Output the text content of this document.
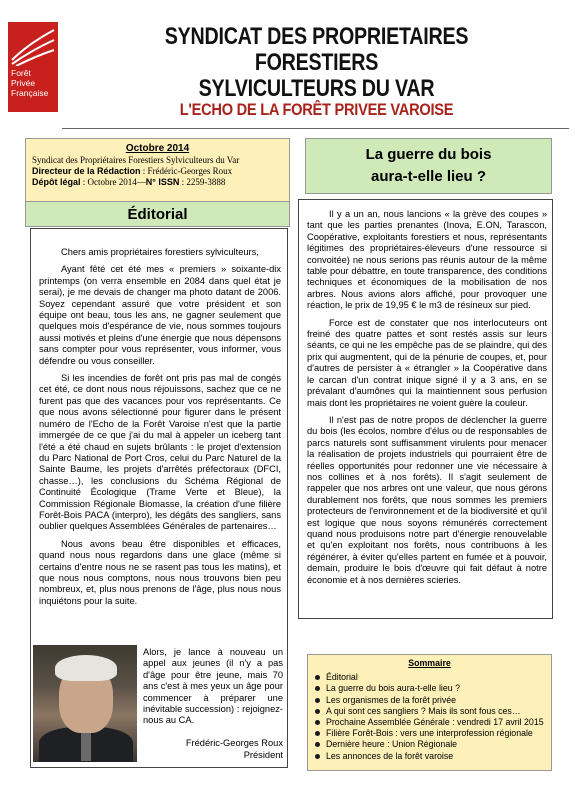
Forêt
Privée
Française
SYNDICAT DES PROPRIETAIRES FORESTIERS
SYLVICULTEURS DU VAR
L'ECHO DE LA FORÊT PRIVEE VAROISE
Octobre 2014
Syndicat des Propriétaires Forestiers Sylviculteurs du Var
Directeur de la Rédaction : Frédéric-Georges Roux
Dépôt légal : Octobre 2014—N° ISSN : 2259-3888
La guerre du bois
aura-t-elle lieu ?
Éditorial

Chers amis propriétaires forestiers sylviculteurs,

Ayant fêté cet été mes « premiers » soixante-dix printemps (on verra ensemble en 2084 dans quel état je serai), je me devais de changer ma photo datant de 2006. Soyez cependant assuré que votre président et son équipe ont beau, tous les ans, ne gagner seulement que quelques mois d'espérance de vie, nous sommes toujours aussi motivés et pleins d'une énergie que nous dépensons sans compter pour vous représenter, vous informer, vous défendre ou vous conseiller.

Si les incendies de forêt ont pris pas mal de congés cet été, ce dont nous nous réjouissons, sachez que ce ne furent pas que des vacances pour vos représentants. Ce que nous avons sélectionné pour figurer dans le présent numéro de l'Echo de la Forêt Varoise n'est que la partie immergée de ce que j'ai du mal à appeler un iceberg tant l'été a été chaud en sujets brûlants : le projet d'extension du Parc National de Port Cros, celui du Parc Naturel de la Sainte Baume, les projets d'arrêtés préfectoraux (DFCI, chasse…), les conclusions du Schéma Régional de Continuité Écologique (Trame Verte et Bleue), la Commission Régionale Biomasse, la création d'une filière Forêt-Bois PACA (interpro), les dégâts des sangliers, sans oublier quelques Assemblées Générales de partenaires…

Nous avons beau être disponibles et efficaces, quand nous nous regardons dans une glace (même si certains d'entre nous ne se rasent pas tous les matins), et que nous nous comptons, nous nous trouvons bien peu nombreux, et, plus nous prenons de l'âge, plus nous nous inquiétons pour la suite.

Alors, je lance à nouveau un appel aux jeunes (il n'y a pas d'âge pour être jeune, mais 70 ans c'est à mes yeux un âge pour commencer à préparer une inévitable succession) : rejoignez-nous au CA.
Frédéric-Georges Roux
Président

Il y a un an, nous lancions « la grève des coupes » tant que les parties prenantes (Inova, E.ON, Tarascon, Coopérative, exploitants forestiers et nous, représentants légitimes des propriétaires-éleveurs d'une ressource si convoitée) ne nous serions pas réunis autour de la même table pour débattre, en toute transparence, des conditions techniques et économiques de la mobilisation de nos arbres. Nous avions alors affiché, pour provoquer une réaction, le prix de 19,95 € le m3 de résineux sur pied.

Force est de constater que nos interlocuteurs ont freiné des quatre pattes et sont restés assis sur leurs séants, ce qui ne les empêche pas de se plaindre, qui des prix qui augmentent, qui de la pénurie de coupes, et, pour d'autres de persister à « étrangler » la Coopérative dans le carcan d'un contrat inique signé il y a 3 ans, en se prévalant d'aumônes qui la maintiennent sous perfusion mais dont les propriétaires ne voient guère la couleur.

Il n'est pas de notre propos de déclencher la guerre du bois (les écolos, nombre d'élus ou de responsables de parcs naturels sont suffisamment virulents pour menacer la réalisation de projets industriels qui pourraient être de réelles opportunités pour redonner une vie nécessaire à nos collines et à nos forêts). Il s'agit seulement de rappeler que nos arbres ont une valeur, que nous gérons durablement nos forêts, que nous sommes les premiers protecteurs de l'environnement et de la biodiversité et qu'il est logique que nous soyons rémunérés correctement quand nous produisons notre part d'énergie renouvelable et qu'en exploitant nos forêts, nous contribuons à les régénérer, à éviter qu'elles partent en fumée et à pouvoir, demain, produire le bois d'œuvre qui fait défaut à notre économie et à nos dernières scieries.

Sommaire
Éditorial
La guerre du bois aura-t-elle lieu ?
Les organismes de la forêt privée
A qui sont ces sangliers ? Mais ils sont fous ces…
Prochaine Assemblée Générale : vendredi 17 avril 2015
Filière Forêt-Bois : vers une interprofession régionale
Dernière heure : Union Régionale
Les annonces de la forêt varoise
